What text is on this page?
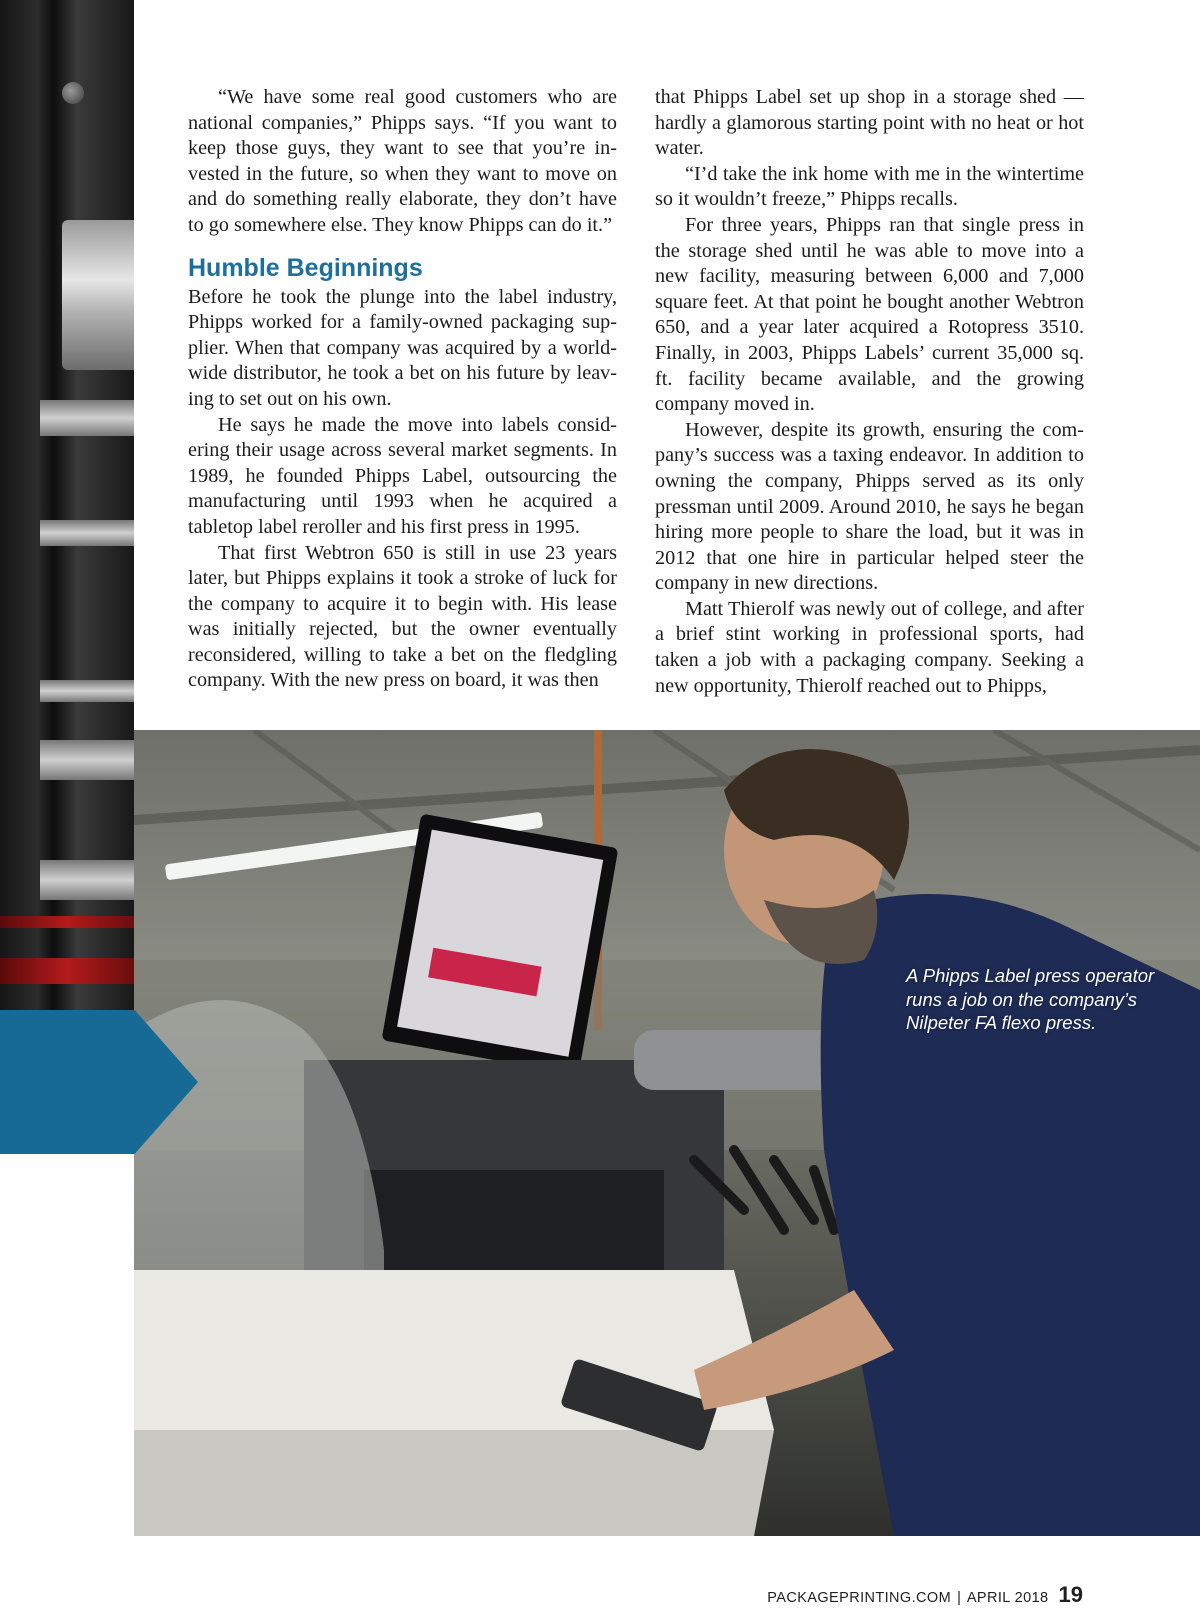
“We have some real good customers who are national companies,” Phipps says. “If you want to keep those guys, they want to see that you’re invested in the future, so when they want to move on and do something really elaborate, they don’t have to go somewhere else. They know Phipps can do it.”

Humble Beginnings

Before he took the plunge into the label industry, Phipps worked for a family-owned packaging supplier. When that company was acquired by a worldwide distributor, he took a bet on his future by leaving to set out on his own.

He says he made the move into labels considering their usage across several market segments. In 1989, he founded Phipps Label, outsourcing the manufacturing until 1993 when he acquired a tabletop label reroller and his first press in 1995.

That first Webtron 650 is still in use 23 years later, but Phipps explains it took a stroke of luck for the company to acquire it to begin with. His lease was initially rejected, but the owner eventually reconsidered, willing to take a bet on the fledgling company. With the new press on board, it was then

that Phipps Label set up shop in a storage shed — hardly a glamorous starting point with no heat or hot water.

“I’d take the ink home with me in the wintertime so it wouldn’t freeze,” Phipps recalls.

For three years, Phipps ran that single press in the storage shed until he was able to move into a new facility, measuring between 6,000 and 7,000 square feet. At that point he bought another Webtron 650, and a year later acquired a Rotopress 3510. Finally, in 2003, Phipps Labels’ current 35,000 sq. ft. facility became available, and the growing company moved in.

However, despite its growth, ensuring the company’s success was a taxing endeavor. In addition to owning the company, Phipps served as its only pressman until 2009. Around 2010, he says he began hiring more people to share the load, but it was in 2012 that one hire in particular helped steer the company in new directions.

Matt Thierolf was newly out of college, and after a brief stint working in professional sports, had taken a job with a packaging company. Seeking a new opportunity, Thierolf reached out to Phipps,

A Phipps Label press operator runs a job on the company’s Nilpeter FA flexo press.
PACKAGEPRINTING.COM | APRIL 2018 19
